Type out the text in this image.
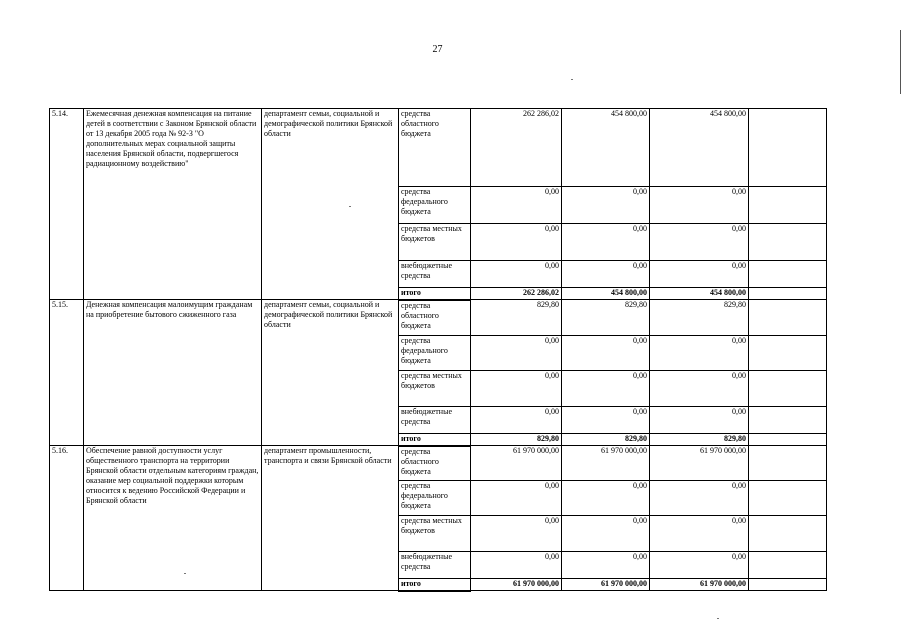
27
5.14.	Ежемесячная денежная компенсация на питание детей в соответствии с Законом Брянской области от 13 декабря 2005 года № 92-З "О дополнительных мерах социальной защиты населения Брянской области, подвергшегося радиационному воздействию"	департамент семьи, социальной и демографической политики Брянской области	средства областного бюджета	262 286,02	454 800,00	454 800,00	
			средства федерального бюджета	0,00	0,00	0,00	
			средства местных бюджетов	0,00	0,00	0,00	
			внебюджетные средства	0,00	0,00	0,00	
			итого	262 286,02	454 800,00	454 800,00	
5.15.	Денежная компенсация малоимущим гражданам на приобретение бытового сжиженного газа	департамент семьи, социальной и демографической политики Брянской области	средства областного бюджета	829,80	829,80	829,80	
			средства федерального бюджета	0,00	0,00	0,00	
			средства местных бюджетов	0,00	0,00	0,00	
			внебюджетные средства	0,00	0,00	0,00	
			итого	829,80	829,80	829,80	
5.16.	Обеспечение равной доступности услуг общественного транспорта на территории Брянской области отдельным категориям граждан, оказание мер социальной поддержки которым относится к ведению Российской Федерации и Брянской области	департамент промышленности, транспорта и связи Брянской области	средства областного бюджета	61 970 000,00	61 970 000,00	61 970 000,00	
			средства федерального бюджета	0,00	0,00	0,00	
			средства местных бюджетов	0,00	0,00	0,00	
			внебюджетные средства	0,00	0,00	0,00	
			итого	61 970 000,00	61 970 000,00	61 970 000,00	
